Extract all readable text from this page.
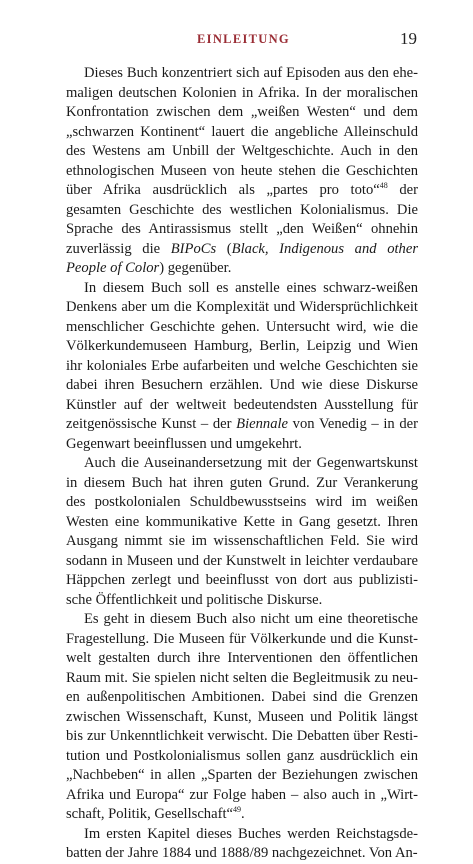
EINLEITUNG	19

Dieses Buch konzentriert sich auf Episoden aus den ehemaligen deutschen Kolonien in Afrika. In der moralischen Konfrontation zwischen dem „weißen Westen“ und dem „schwarzen Kontinent“ lauert die angebliche Alleinschuld des Westens am Unbill der Weltgeschichte. Auch in den ethnologischen Museen von heute stehen die Geschichten über Afrika ausdrücklich als „partes pro toto“$^{48}$ der gesamten Geschichte des westlichen Kolonialismus. Die Sprache des Antirassismus stellt „den Weißen“ ohnehin zuverlässig die BIPoCs (Black, Indigenous and other People of Color) gegenüber.

In diesem Buch soll es anstelle eines schwarz-weißen Denkens aber um die Komplexität und Widersprüchlichkeit menschlicher Geschichte gehen. Untersucht wird, wie die Völkerkundemuseen Hamburg, Berlin, Leipzig und Wien ihr koloniales Erbe aufarbeiten und welche Geschichten sie dabei ihren Besuchern erzählen. Und wie diese Diskurse Künstler auf der weltweit bedeutendsten Ausstellung für zeitgenössische Kunst – der Biennale von Venedig – in der Gegenwart beeinflussen und umgekehrt.

Auch die Auseinandersetzung mit der Gegenwartskunst in diesem Buch hat ihren guten Grund. Zur Verankerung des postkolonialen Schuldbewusstseins wird im weißen Westen eine kommunikative Kette in Gang gesetzt. Ihren Ausgang nimmt sie im wissenschaftlichen Feld. Sie wird sodann in Museen und der Kunstwelt in leichter verdaubare Häppchen zerlegt und beeinflusst von dort aus publizistische Öffentlichkeit und politische Diskurse.

Es geht in diesem Buch also nicht um eine theoretische Fragestellung. Die Museen für Völkerkunde und die Kunstwelt gestalten durch ihre Interventionen den öffentlichen Raum mit. Sie spielen nicht selten die Begleitmusik zu neuen außenpolitischen Ambitionen. Dabei sind die Grenzen zwischen Wissenschaft, Kunst, Museen und Politik längst bis zur Unkenntlichkeit verwischt. Die Debatten über Restitution und Postkolonialismus sollen ganz ausdrücklich ein „Nachbeben“ in allen „Sparten der Beziehungen zwischen Afrika und Europa“ zur Folge haben – also auch in „Wirtschaft, Politik, Gesellschaft“$^{49}$.

Im ersten Kapitel dieses Buches werden Reichstagsdebatten der Jahre 1884 und 1888/89 nachgezeichnet. Von An-
